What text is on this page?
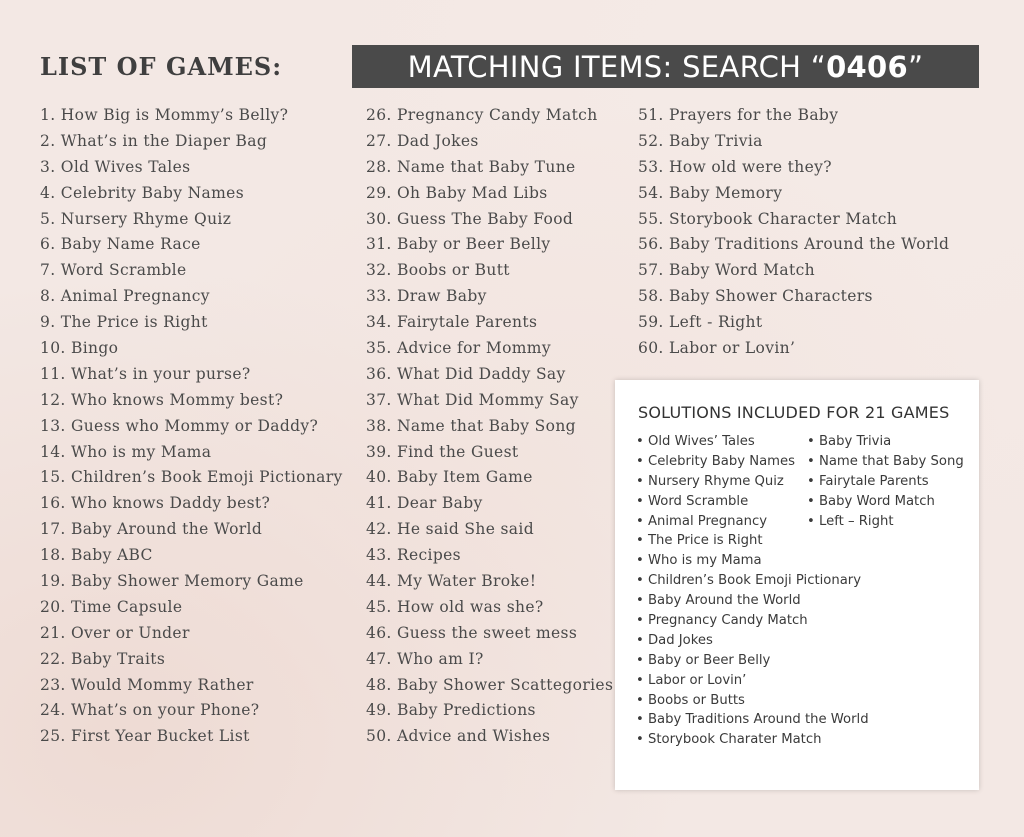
LIST OF GAMES:	MATCHING ITEMS: SEARCH “ 0406 ”
1. How Big is Mommy’s Belly?
2. What’s in the Diaper Bag
3. Old Wives Tales
4. Celebrity Baby Names
5. Nursery Rhyme Quiz
6. Baby Name Race
7. Word Scramble
8. Animal Pregnancy
9. The Price is Right
10. Bingo
11. What’s in your purse?
12. Who knows Mommy best?
13. Guess who Mommy or Daddy?
14. Who is my Mama
15. Children’s Book Emoji Pictionary
16. Who knows Daddy best?
17. Baby Around the World
18. Baby ABC
19. Baby Shower Memory Game
20. Time Capsule
21. Over or Under
22. Baby Traits
23. Would Mommy Rather
24. What’s on your Phone?
25. First Year Bucket List
26. Pregnancy Candy Match
27. Dad Jokes
28. Name that Baby Tune
29. Oh Baby Mad Libs
30. Guess The Baby Food
31. Baby or Beer Belly
32. Boobs or Butt
33. Draw Baby
34. Fairytale Parents
35. Advice for Mommy
36. What Did Daddy Say
37. What Did Mommy Say
38. Name that Baby Song
39. Find the Guest
40. Baby Item Game
41. Dear Baby
42. He said She said
43. Recipes
44. My Water Broke!
45. How old was she?
46. Guess the sweet mess
47. Who am I?
48. Baby Shower Scattegories
49. Baby Predictions
50. Advice and Wishes
51. Prayers for the Baby
52. Baby Trivia
53. How old were they?
54. Baby Memory
55. Storybook Character Match
56. Baby Traditions Around the World
57. Baby Word Match
58. Baby Shower Characters
59. Left - Right
60. Labor or Lovin’
SOLUTIONS INCLUDED FOR 21 GAMES
• Old Wives’ Tales
• Celebrity Baby Names
• Nursery Rhyme Quiz
• Word Scramble
• Animal Pregnancy
• The Price is Right
• Who is my Mama
• Children’s Book Emoji Pictionary
• Baby Around the World
• Pregnancy Candy Match
• Dad Jokes
• Baby or Beer Belly
• Labor or Lovin’
• Boobs or Butts
• Baby Traditions Around the World
• Storybook Charater Match
• Baby Trivia
• Name that Baby Song
• Fairytale Parents
• Baby Word Match
• Left – Right
